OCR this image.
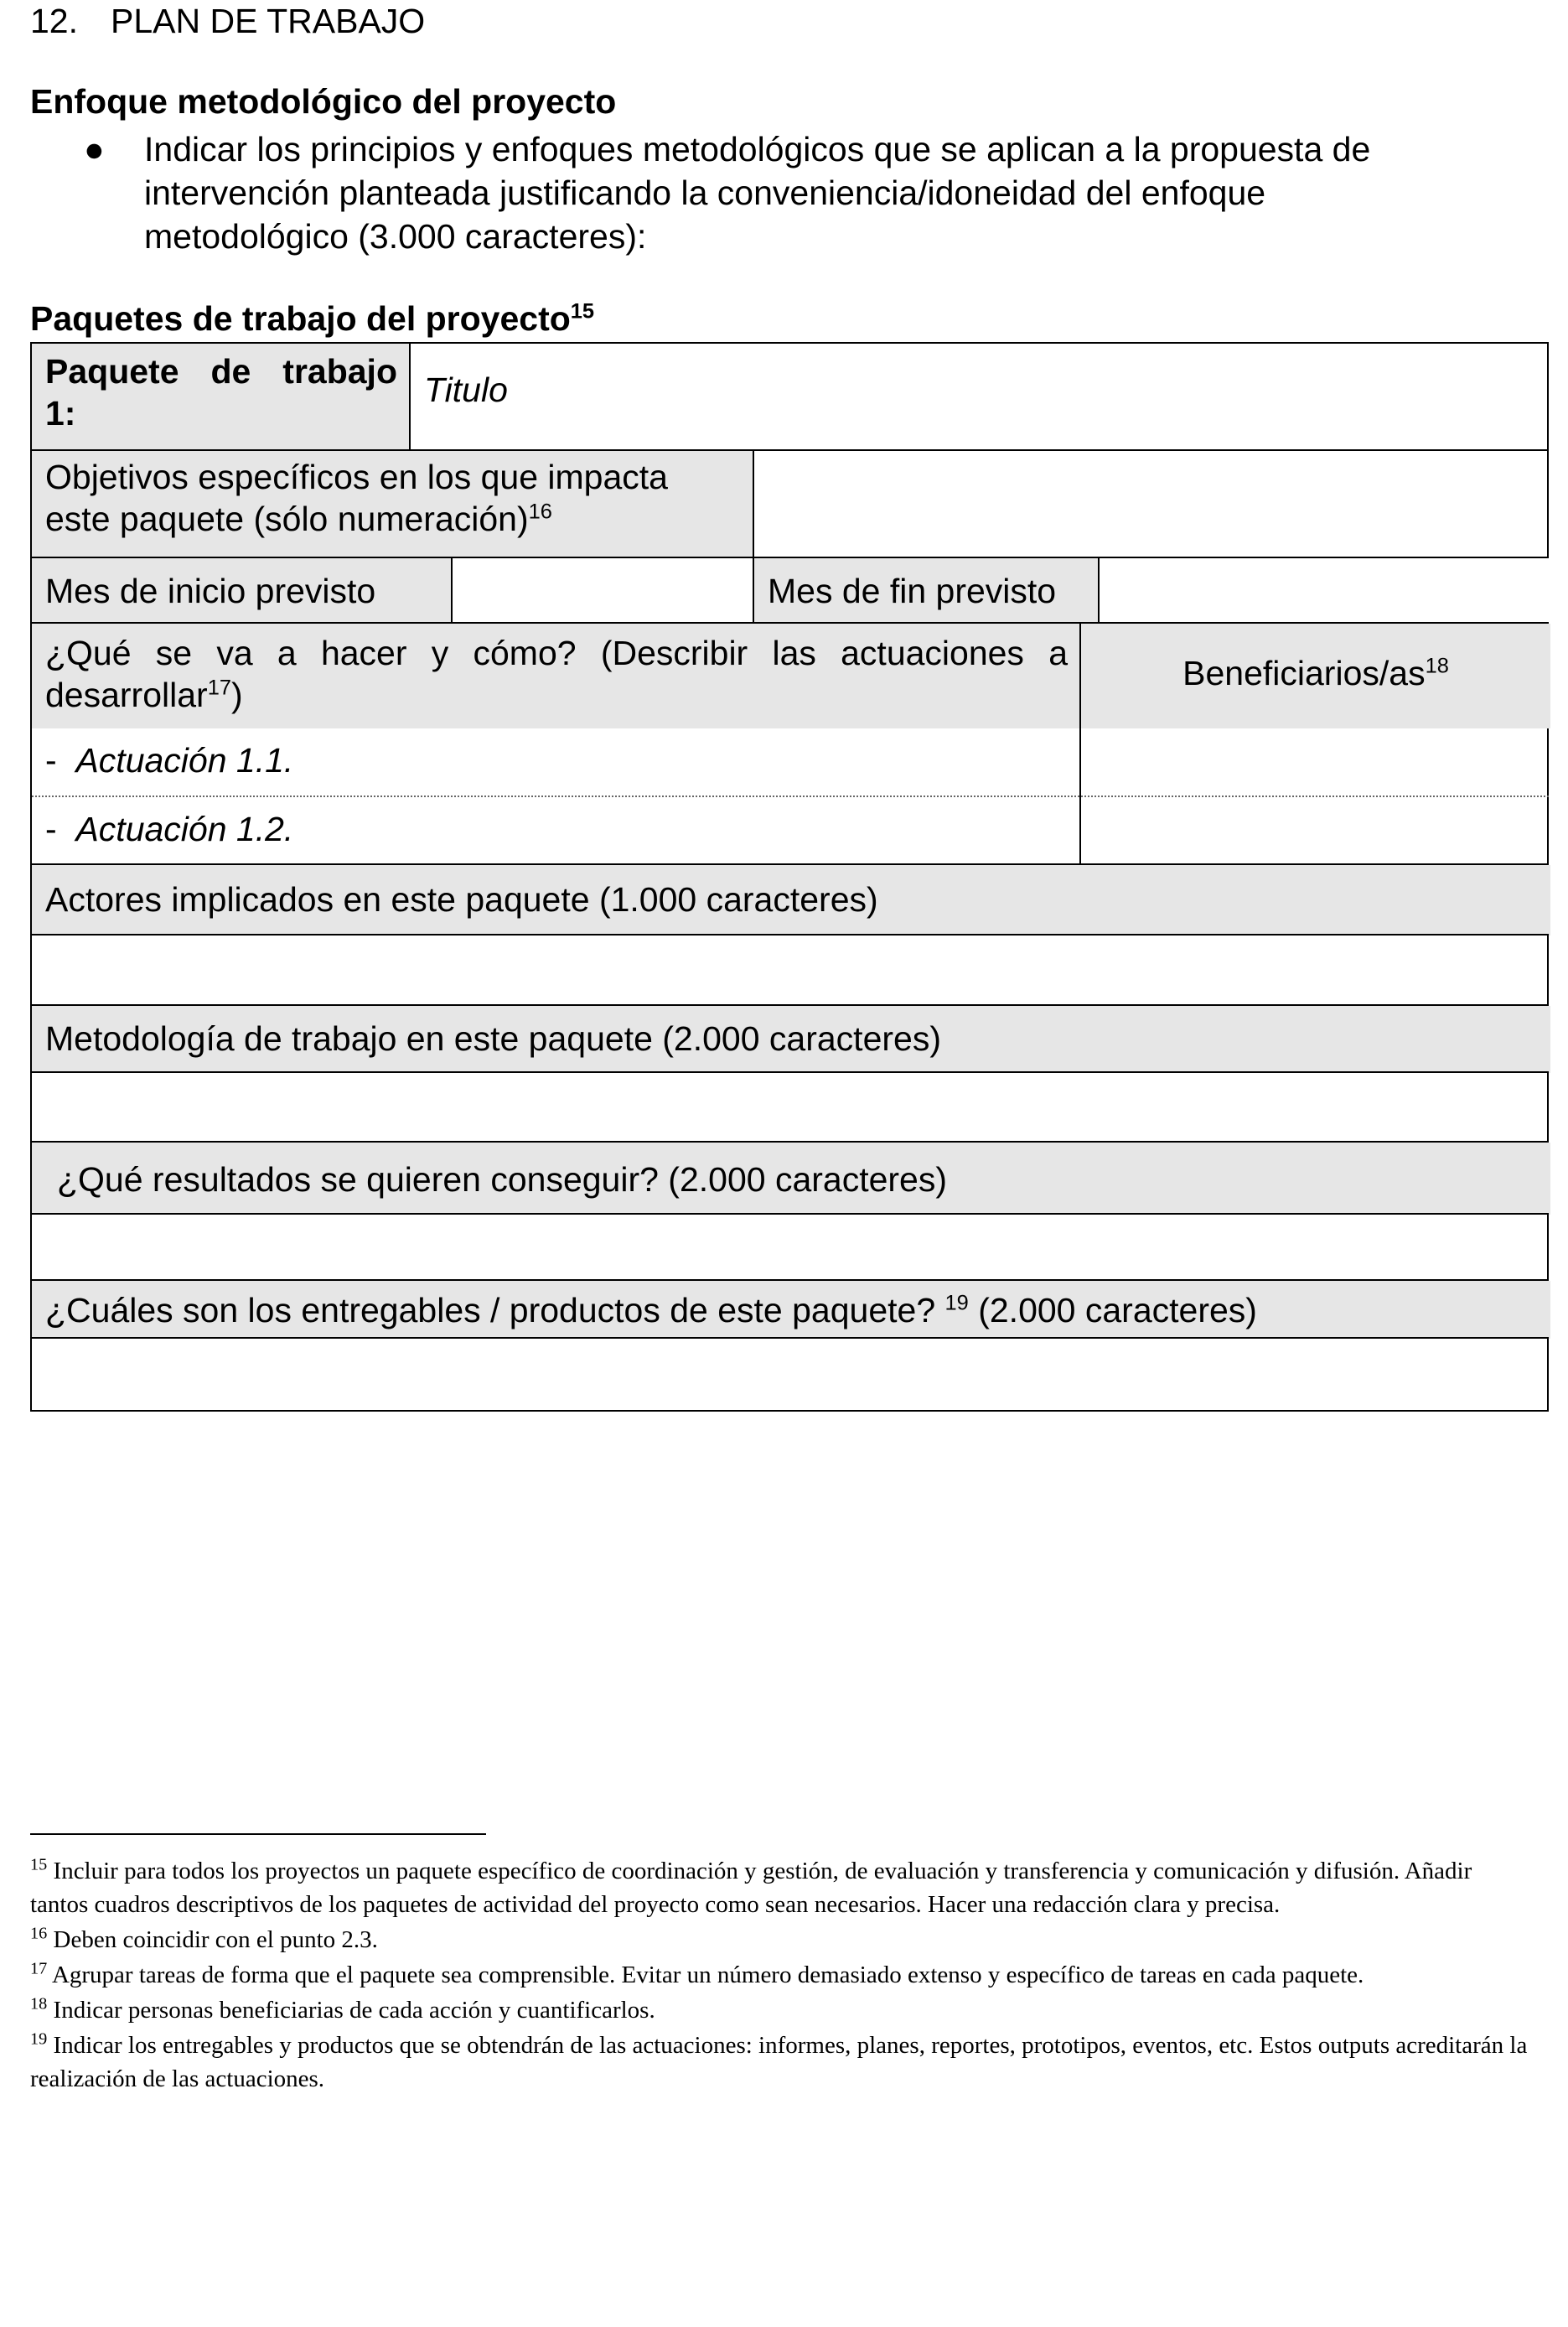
12. PLAN DE TRABAJO
Enfoque metodológico del proyecto
● Indicar los principios y enfoques metodológicos que se aplican a la propuesta de
intervención planteada justificando la conveniencia/idoneidad del enfoque
metodológico (3.000 caracteres):
Paquetes de trabajo del proyecto$^{15}$
Paquete de trabajo
1:
Titulo
Objetivos específicos en los que impacta
este paquete (sólo numeración)$^{16}$
Mes de inicio previsto	Mes de fin previsto
¿Qué se va a hacer y cómo? (Describir las actuaciones a
desarrollar$^{17}$)
Beneficiarios/$as^{18}$
- Actuación 1.1.
- Actuación 1.2.
Actores implicados en este paquete (1.000 caracteres)
Metodología de trabajo en este paquete (2.000 caracteres)
¿Qué resultados se quieren conseguir? (2.000 caracteres)
¿Cuáles son los entregables / productos de este paquete? $^{19}$ (2.000 caracteres)
$^{15}$ Incluir para todos los proyectos un paquete específico de coordinación y gestión, de evaluación y transferencia y comunicación y difusión. Añadir tantos cuadros descriptivos de los paquetes de actividad del proyecto como sean necesarios. Hacer una redacción clara y precisa.
$^{16}$ Deben coincidir con el punto 2.3.
$^{17}$ Agrupar tareas de forma que el paquete sea comprensible. Evitar un número demasiado extenso y específico de tareas en cada paquete.
$^{18}$ Indicar personas beneficiarias de cada acción y cuantificarlos.
$^{19}$ Indicar los entregables y productos que se obtendrán de las actuaciones: informes, planes, reportes, prototipos, eventos, etc. Estos outputs acreditarán la realización de las actuaciones.
